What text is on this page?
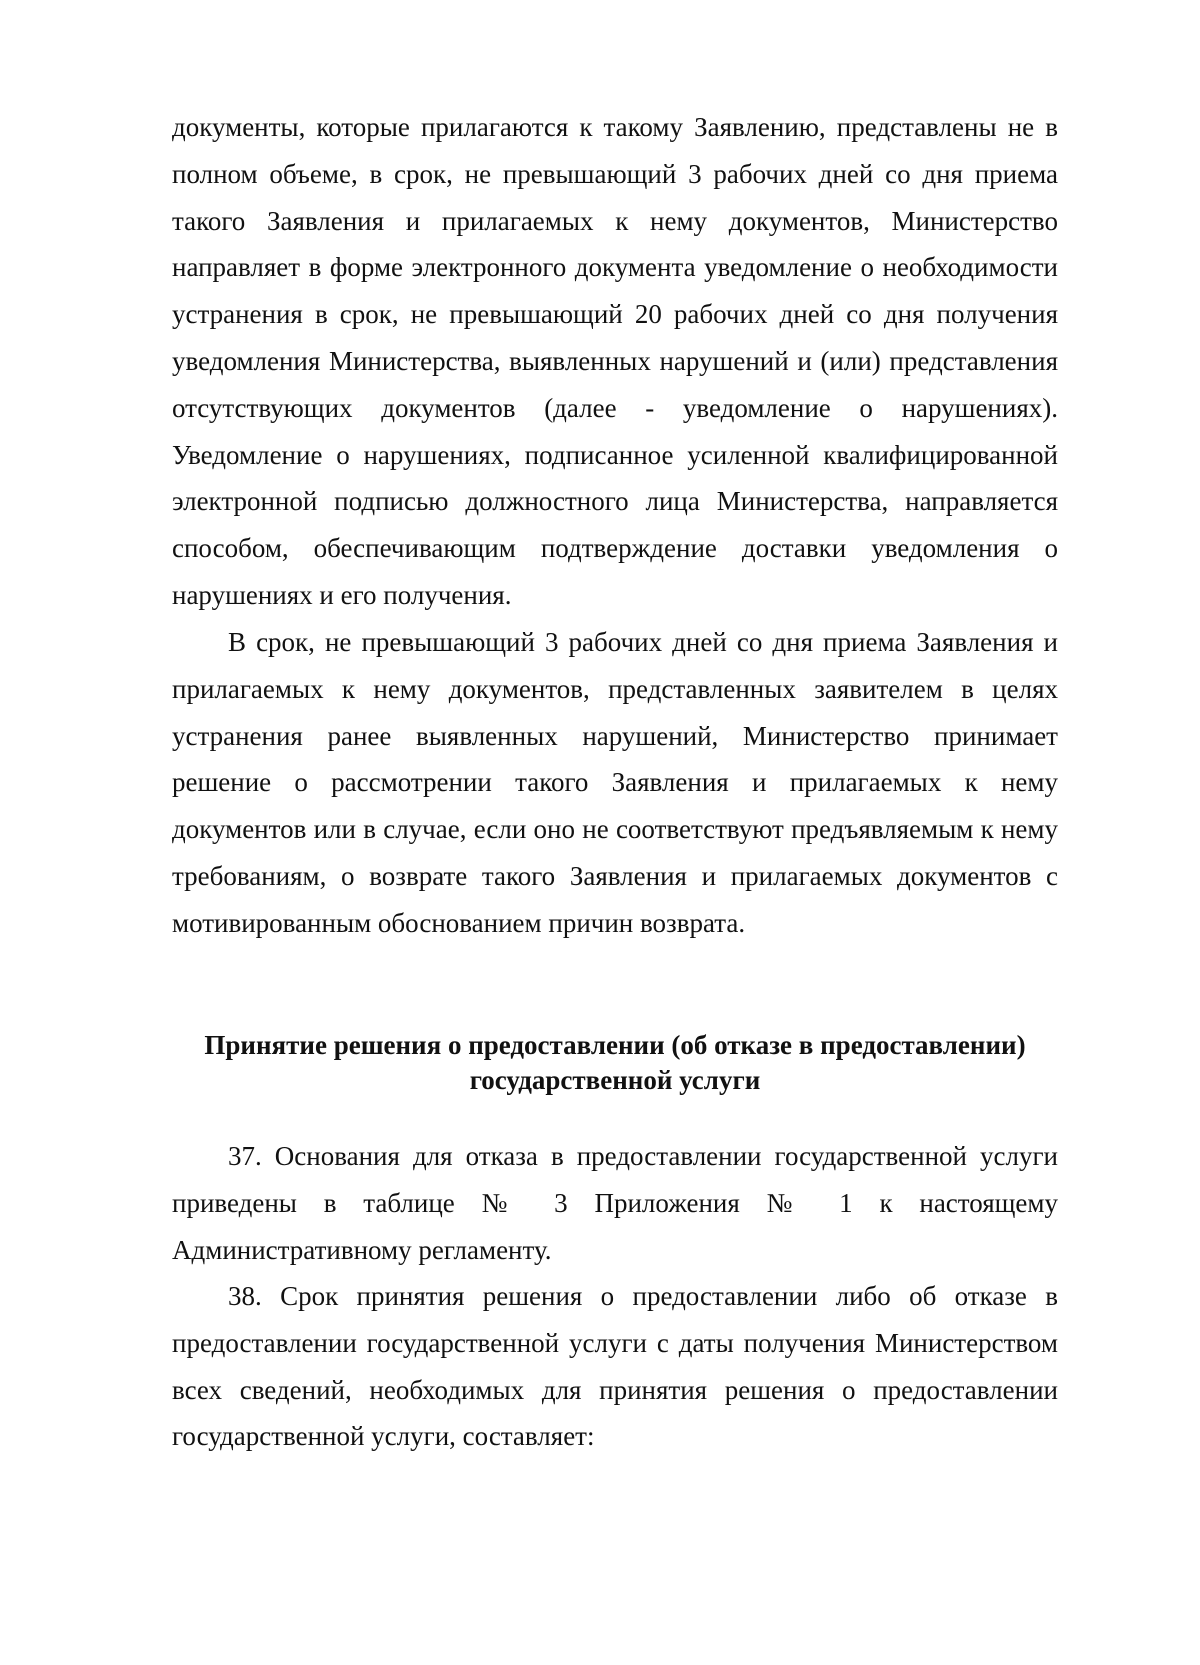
документы, которые прилагаются к такому Заявлению, представлены не в полном объеме, в срок, не превышающий 3 рабочих дней со дня приема такого Заявления и прилагаемых к нему документов, Министерство направляет в форме электронного документа уведомление о необходимости устранения в срок, не превышающий 20 рабочих дней со дня получения уведомления Министерства, выявленных нарушений и (или) представления отсутствующих документов (далее - уведомление о нарушениях). Уведомление о нарушениях, подписанное усиленной квалифицированной электронной подписью должностного лица Министерства, направляется способом, обеспечивающим подтверждение доставки уведомления о нарушениях и его получения.

В срок, не превышающий 3 рабочих дней со дня приема Заявления и прилагаемых к нему документов, представленных заявителем в целях устранения ранее выявленных нарушений, Министерство принимает решение о рассмотрении такого Заявления и прилагаемых к нему документов или в случае, если оно не соответствуют предъявляемым к нему требованиям, о возврате такого Заявления и прилагаемых документов с мотивированным обоснованием причин возврата.

Принятие решения о предоставлении (об отказе в предоставлении)
государственной услуги

37. Основания для отказа в предоставлении государственной услуги приведены в таблице № 3 Приложения № 1 к настоящему Административному регламенту.

38. Срок принятия решения о предоставлении либо об отказе в предоставлении государственной услуги с даты получения Министерством всех сведений, необходимых для принятия решения о предоставлении государственной услуги, составляет:
